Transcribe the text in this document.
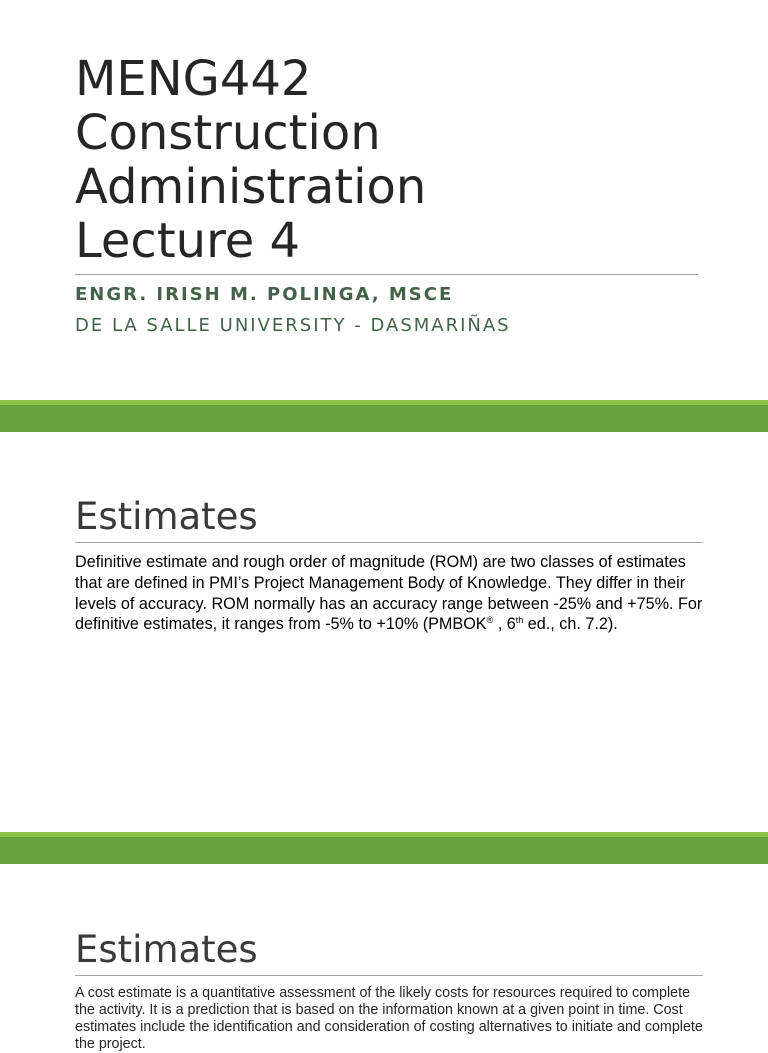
MENG442
Construction
Administration
Lecture 4
ENGR. IRISH M. POLINGA, MSCE
DE LA SALLE UNIVERSITY - DASMARIÑAS
Estimates

Definitive estimate and rough order of magnitude (ROM) are two classes of estimates that are defined in PMI’s Project Management Body of Knowledge. They differ in their levels of accuracy. ROM normally has an accuracy range between -25% and +75%. For definitive estimates, it ranges from -5% to +10% (PMBOK® , 6th ed., ch. 7.2).

Estimates

A cost estimate is a quantitative assessment of the likely costs for resources required to complete the activity. It is a prediction that is based on the information known at a given point in time. Cost estimates include the identification and consideration of costing alternatives to initiate and complete the project.
